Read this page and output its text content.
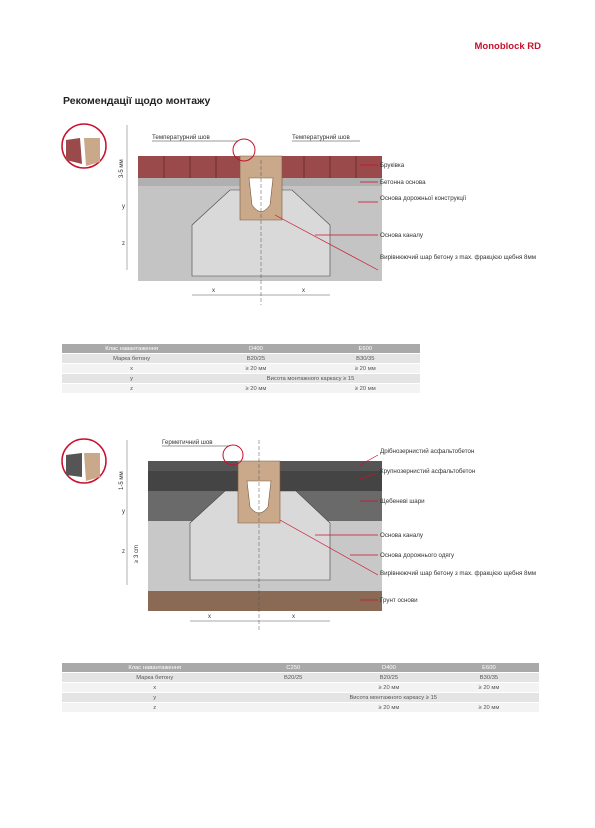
Monoblock RD
Рекомендації щодо монтажу
3-5 мм
y
z
x	x
Температурний шов	Температурний шов
Бруківка
Бетонна основа
Основа дорожньої конструкції
Основа каналу
Вирівнюючий шар бетону з max. фракцією щебня 8мм
Клас навантаження	D400	E600
Марка бетону	B20/25	B30/35
x	≥ 20 мм	≥ 20 мм
y	Висота монтажного каркасу ≥ 15	
z	≥ 20 мм	≥ 20 мм
1-5 мм
≥ 3 cm
y
z
x	x
Герметичний шов
Дрібнозернистий асфальтобетон
Крупнозернистий асфальтобетон
Щебеневі шари
Основа каналу
Основа дорожнього одягу
Вирівнюючий шар бетону з max. фракцією щебня 8мм
Грунт основи
Клас навантаження	C250	D400	E600
Марка бетону	B20/25	B20/25	B30/35
x		≥ 20 мм	≥ 20 мм
y	Висота монтажного каркасу ≥ 15		
z		≥ 20 мм	≥ 20 мм
